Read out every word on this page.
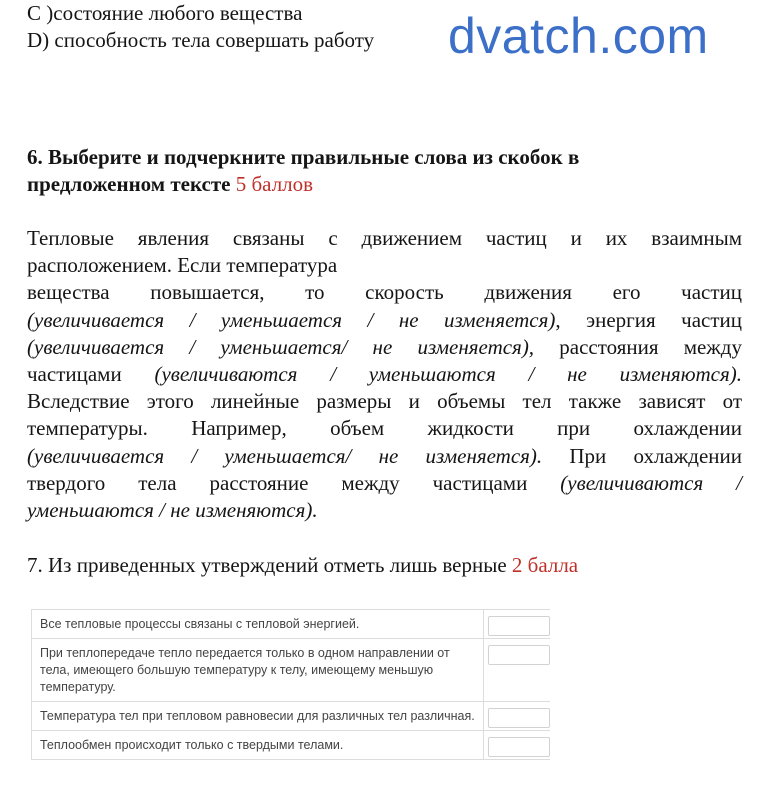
C )состояние любого вещества
D) способность тела совершать работу dvatch.com
6. Выберите и подчеркните правильные слова из скобок в
предложенном тексте 5 баллов
Тепловые явления связаны с движением частиц и их взаимным
расположением. Если температура
вещества повышается, то скорость движения его частиц
(увеличивается / уменьшается / не изменяется), энергия частиц
(увеличивается / уменьшается/ не изменяется), расстояния между
частицами (увеличиваются / уменьшаются / не изменяются).
Вследствие этого линейные размеры и объемы тел также зависят от
температуры. Например, объем жидкости при охлаждении
(увеличивается / уменьшается/ не изменяется). При охлаждении
твердого тела расстояние между частицами (увеличиваются /
уменьшаются / не изменяются).
7. Из приведенных утверждений отметь лишь верные 2 балла
Все тепловые процессы связаны с тепловой энергией.
При теплопередаче тепло передается только в одном направлении от тела, имеющего большую температуру к телу, имеющему меньшую температуру.
Температура тел при тепловом равновесии для различных тел различная.
Теплообмен происходит только с твердыми телами.
